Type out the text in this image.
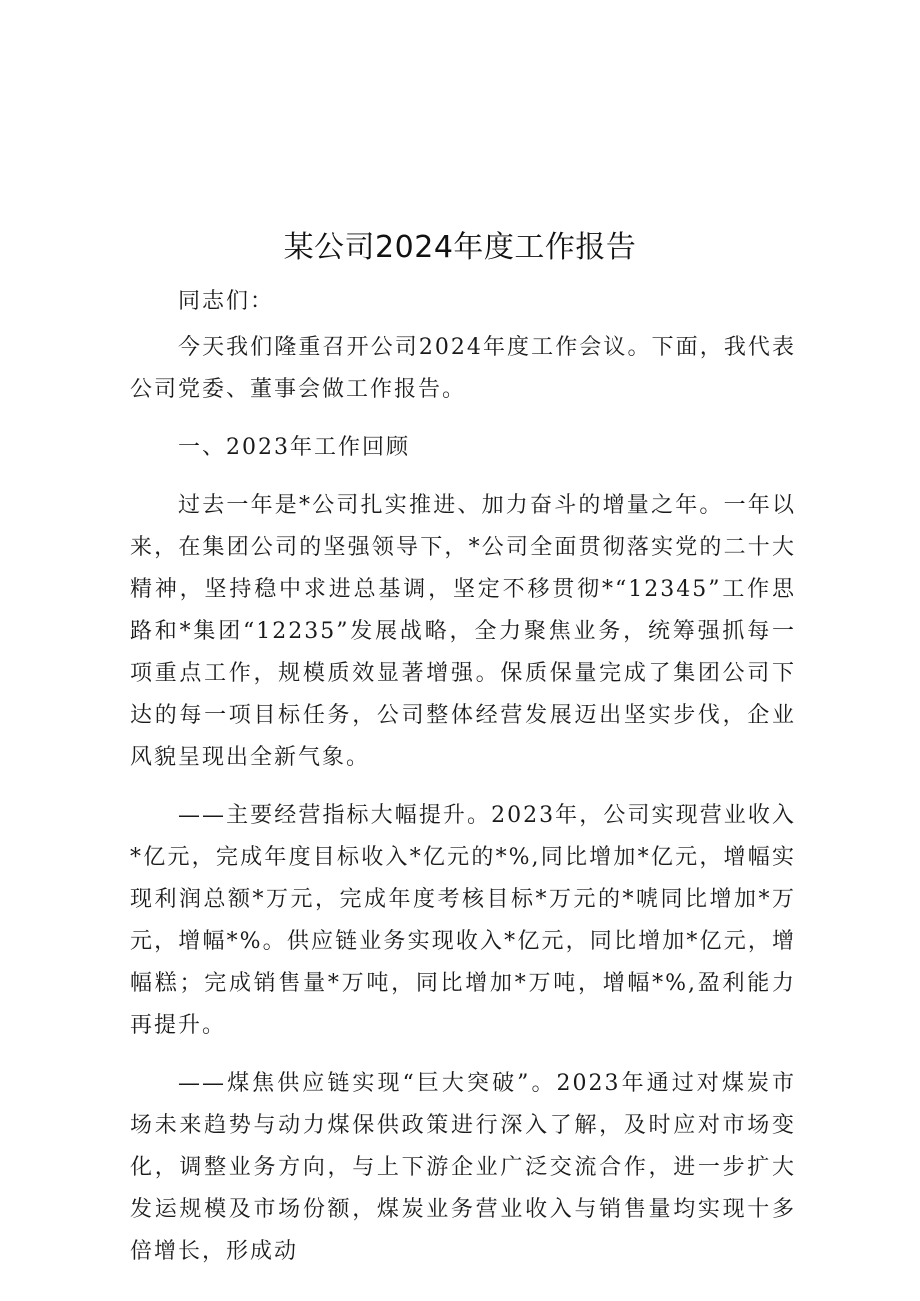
某公司2024年度工作报告
同志们：

今天我们隆重召开公司2024年度工作会议。下面，我代表公司党委、董事会做工作报告。

一、2023年工作回顾

过去一年是*公司扎实推进、加力奋斗的增量之年。一年以来，在集团公司的坚强领导下，*公司全面贯彻落实党的二十大精神，坚持稳中求进总基调，坚定不移贯彻*“12345”工作思路和*集团“12235”发展战略，全力聚焦业务，统筹强抓每一项重点工作，规模质效显著增强。保质保量完成了集团公司下达的每一项目标任务，公司整体经营发展迈出坚实步伐，企业风貌呈现出全新气象。

——主要经营指标大幅提升。2023年，公司实现营业收入*亿元，完成年度目标收入*亿元的*%,同比增加*亿元，增幅实现利润总额*万元，完成年度考核目标*万元的*唬同比增加*万元，增幅*%。供应链业务实现收入*亿元，同比增加*亿元，增幅糕；完成销售量*万吨，同比增加*万吨，增幅*%,盈利能力再提升。

——煤焦供应链实现“巨大突破”。2023年通过对煤炭市场未来趋势与动力煤保供政策进行深入了解，及时应对市场变化，调整业务方向，与上下游企业广泛交流合作，进一步扩大发运规模及市场份额，煤炭业务营业收入与销售量均实现十多倍增长，形成动
